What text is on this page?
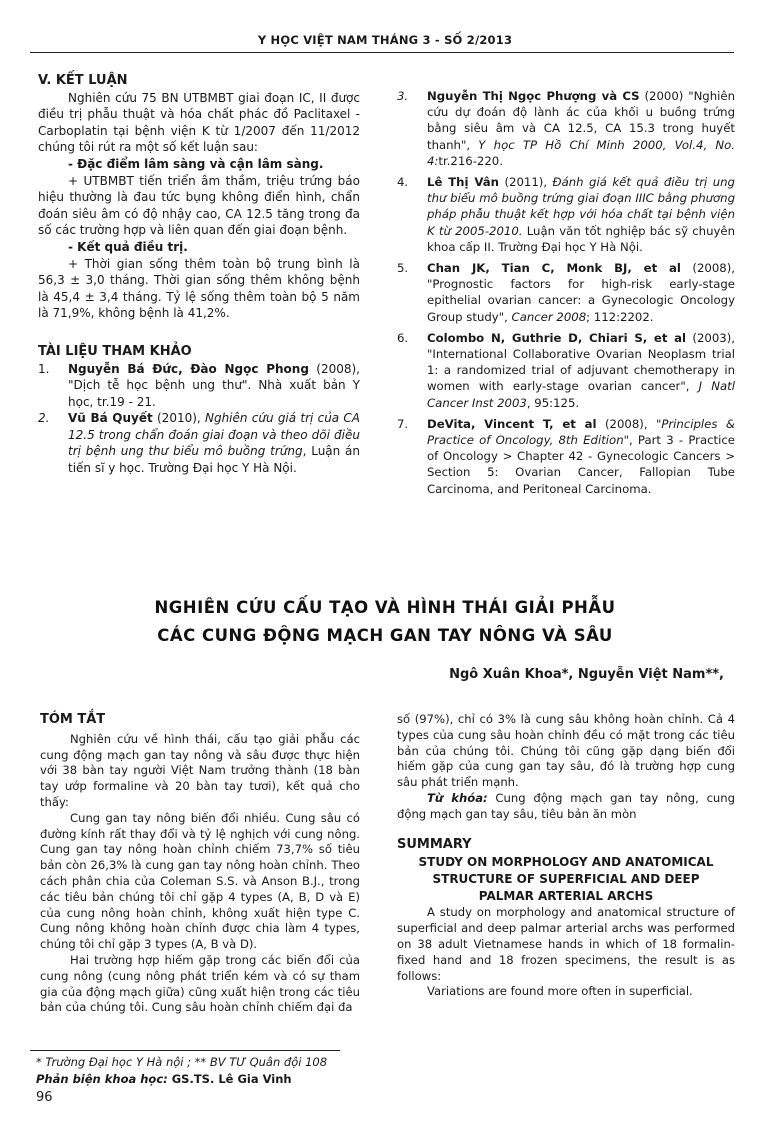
Y HỌC VIỆT NAM THÁNG 3 - SỐ 2/2013

V. KẾT LUẬN

Nghiên cứu 75 BN UTBMBT giai đoạn IC, II được điều trị phẫu thuật và hóa chất phác đồ Paclitaxel - Carboplatin tại bệnh viện K từ 1/2007 đến 11/2012 chúng tôi rút ra một số kết luận sau:

- Đặc điểm lâm sàng và cận lâm sàng.

+ UTBMBT tiến triển âm thầm, triệu trứng báo hiệu thường là đau tức bụng không điển hình, chẩn đoán siêu âm có độ nhậy cao, CA 12.5 tăng trong đa số các trường hợp và liên quan đến giai đoạn bệnh.

- Kết quả điều trị.

+ Thời gian sống thêm toàn bộ trung bình là 56,3 ± 3,0 tháng. Thời gian sống thêm không bệnh là 45,4 ± 3,4 tháng. Tỷ lệ sống thêm toàn bộ 5 năm là 71,9%, không bệnh là 41,2%.

TÀI LIỆU THAM KHẢO

1.	Nguyễn Bá Đức, Đào Ngọc Phong (2008), "Dịch tễ học bệnh ung thư". Nhà xuất bản Y học, tr.19 - 21.
2.	Vũ Bá Quyết (2010), Nghiên cứu giá trị của CA 12.5 trong chẩn đoán giai đoạn và theo dõi điều trị bệnh ung thư biểu mô buồng trứng, Luận án tiến sĩ y học. Trường Đại học Y Hà Nội.
3.	Nguyễn Thị Ngọc Phượng và CS (2000) "Nghiên cứu dự đoán độ lành ác của khối u buồng trứng bằng siêu âm và CA 12.5, CA 15.3 trong huyết thanh", Y học TP Hồ Chí Minh 2000, Vol.4, No. 4:tr.216-220.
4.	Lê Thị Vân (2011), Đánh giá kết quả điều trị ung thư biểu mô buồng trứng giai đoạn IIIC bằng phương pháp phẫu thuật kết hợp với hóa chất tại bệnh viện K từ 2005-2010. Luận văn tốt nghiệp bác sỹ chuyên khoa cấp II. Trường Đại học Y Hà Nội.
5.	Chan JK, Tian C, Monk BJ, et al (2008), "Prognostic factors for high-risk early-stage epithelial ovarian cancer: a Gynecologic Oncology Group study", Cancer 2008; 112:2202.
6.	Colombo N, Guthrie D, Chiari S, et al (2003), "International Collaborative Ovarian Neoplasm trial 1: a randomized trial of adjuvant chemotherapy in women with early-stage ovarian cancer", J Natl Cancer Inst 2003, 95:125.
7.	DeVita, Vincent T, et al (2008), "Principles & Practice of Oncology, 8th Edition", Part 3 - Practice of Oncology > Chapter 42 - Gynecologic Cancers > Section 5: Ovarian Cancer, Fallopian Tube Carcinoma, and Peritoneal Carcinoma.
NGHIÊN CỨU CẤU TẠO VÀ HÌNH THÁI GIẢI PHẪU
CÁC CUNG ĐỘNG MẠCH GAN TAY NÔNG VÀ SÂU
Ngô Xuân Khoa*, Nguyễn Việt Nam**,

TÓM TẮT

Nghiên cứu về hình thái, cấu tạo giải phẫu các cung động mạch gan tay nông và sâu được thực hiện với 38 bàn tay người Việt Nam trưởng thành (18 bàn tay ướp formaline và 20 bàn tay tươi), kết quả cho thấy:

Cung gan tay nông biến đổi nhiều. Cung sâu có đường kính rất thay đổi và tỷ lệ nghịch với cung nông. Cung gan tay nông hoàn chỉnh chiếm 73,7% số tiêu bản còn 26,3% là cung gan tay nông hoàn chỉnh. Theo cách phân chia của Coleman S.S. và Anson B.J., trong các tiêu bản chúng tôi chỉ gặp 4 types (A, B, D và E) của cung nông hoàn chỉnh, không xuất hiện type C. Cung nông không hoàn chỉnh được chia làm 4 types, chúng tôi chỉ gặp 3 types (A, B và D).

Hai trường hợp hiếm gặp trong các biến đổi của cung nông (cung nông phát triển kém và có sự tham gia của động mạch giữa) cũng xuất hiện trong các tiêu bản của chúng tôi. Cung sâu hoàn chỉnh chiếm đại đa

số (97%), chỉ có 3% là cung sâu không hoàn chỉnh. Cả 4 types của cung sâu hoàn chỉnh đều có mặt trong các tiêu bản của chúng tôi. Chúng tôi cũng gặp dạng biến đổi hiếm gặp của cung gan tay sâu, đó là trường hợp cung sâu phát triển mạnh.

Từ khóa: Cung động mạch gan tay nông, cung động mạch gan tay sâu, tiêu bản ăn mòn

SUMMARY

STUDY ON MORPHOLOGY AND ANATOMICAL

STRUCTURE OF SUPERFICIAL AND DEEP

PALMAR ARTERIAL ARCHS

A study on morphology and anatomical structure of superficial and deep palmar arterial archs was performed on 38 adult Vietnamese hands in which of 18 formalin-fixed hand and 18 frozen specimens, the result is as follows:

Variations are found more often in superficial.

* Trường Đại học Y Hà nội ; ** BV TƯ Quân đội 108
Phản biện khoa học: GS.TS. Lê Gia Vinh
96
